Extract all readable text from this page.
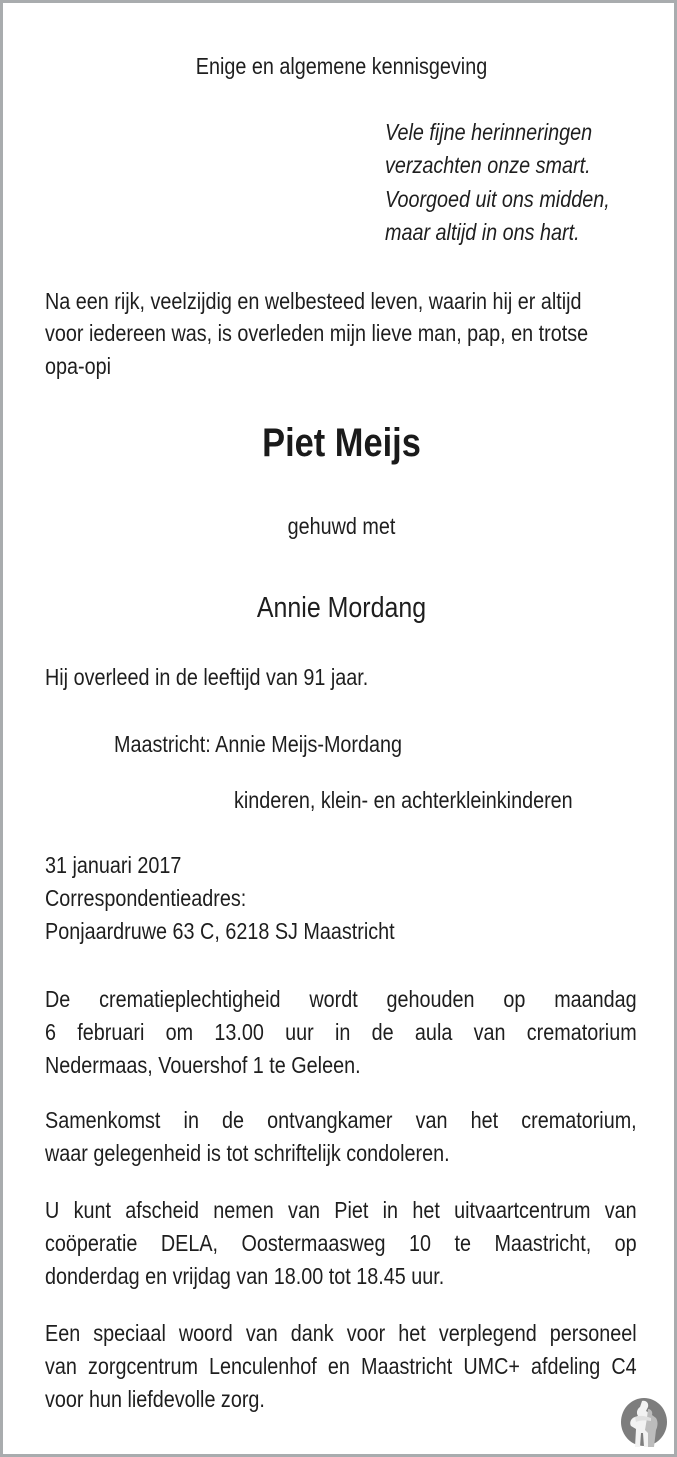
Enige en algemene kennisgeving

Vele fijne herinneringen

verzachten onze smart.

Voorgoed uit ons midden,

maar altijd in ons hart.

Na een rijk, veelzijdig en welbesteed leven, waarin hij er altijd

voor iedereen was, is overleden mijn lieve man, pap, en trotse

opa-opi

Piet Meijs

gehuwd met

Annie Mordang

Hij overleed in de leeftijd van 91 jaar.

Maastricht: Annie Meijs-Mordang

kinderen, klein- en achterkleinkinderen

31 januari 2017

Correspondentieadres:

Ponjaardruwe 63 C, 6218 SJ Maastricht

De crematieplechtigheid wordt gehouden op maandag
6 februari om 13.00 uur in de aula van crematorium
Nedermaas, Vouershof 1 te Geleen.
Samenkomst in de ontvangkamer van het crematorium,
waar gelegenheid is tot schriftelijk condoleren.
U kunt afscheid nemen van Piet in het uitvaartcentrum van
coöperatie DELA, Oostermaasweg 10 te Maastricht, op
donderdag en vrijdag van 18.00 tot 18.45 uur.
Een speciaal woord van dank voor het verplegend personeel
van zorgcentrum Lenculenhof en Maastricht UMC+ afdeling C4
voor hun liefdevolle zorg.
